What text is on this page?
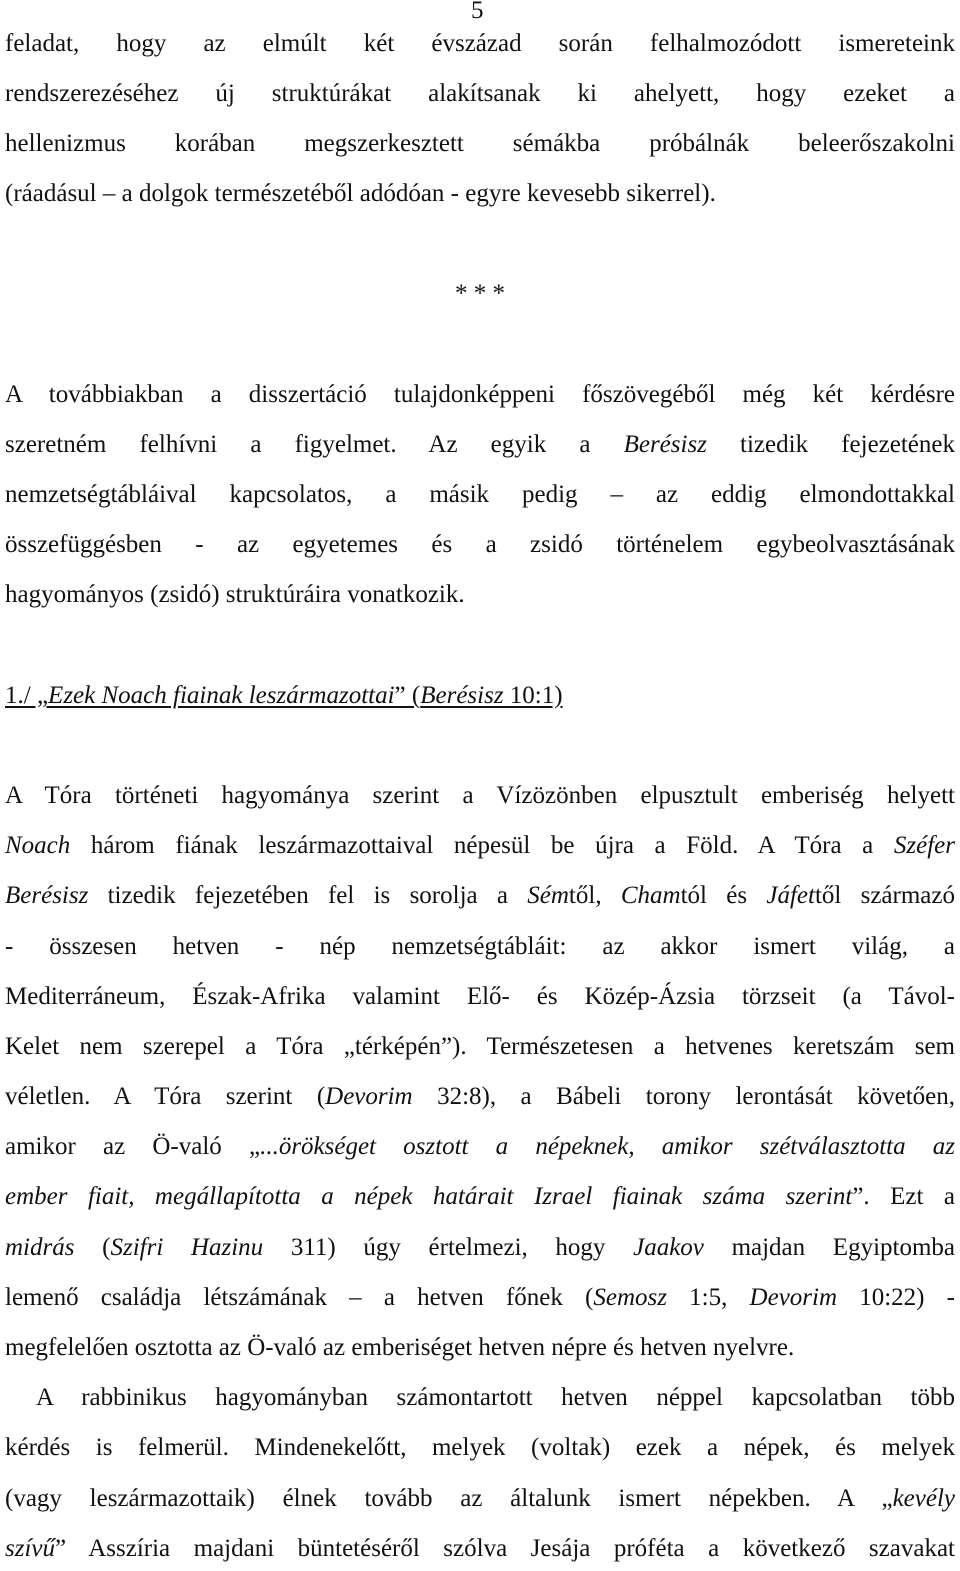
5
feladat, hogy az elmúlt két évszázad során felhalmozódott ismereteink
rendszerezéséhez új struktúrákat alakítsanak ki ahelyett, hogy ezeket a
hellenizmus korában megszerkesztett sémákba próbálnák beleerőszakolni
(ráadásul – a dolgok természetéből adódóan - egyre kevesebb sikerrel).
* * *
A továbbiakban a disszertáció tulajdonképpeni főszövegéből még két kérdésre
szeretném felhívni a figyelmet. Az egyik a Berésisz tizedik fejezetének
nemzetségtábláival kapcsolatos, a másik pedig – az eddig elmondottakkal
összefüggésben - az egyetemes és a zsidó történelem egybeolvasztásának
hagyományos (zsidó) struktúráira vonatkozik.
1./ „Ezek Noach fiainak leszármazottai” (Berésisz 10:1)
A Tóra történeti hagyománya szerint a Vízözönben elpusztult emberiség helyett
Noach három fiának leszármazottaival népesül be újra a Föld. A Tóra a Széfer
Berésisz tizedik fejezetében fel is sorolja a Sémtől, Chamtól és Jáfettől származó
- összesen hetven - nép nemzetségtábláit: az akkor ismert világ, a
Mediterráneum, Észak-Afrika valamint Elő- és Közép-Ázsia törzseit (a Távol-
Kelet nem szerepel a Tóra „térképén”). Természetesen a hetvenes keretszám sem
véletlen. A Tóra szerint (Devorim 32:8), a Bábeli torony lerontását követően,
amikor az Ö-való „...örökséget osztott a népeknek, amikor szétválasztotta az
ember fiait, megállapította a népek határait Izrael fiainak száma szerint”. Ezt a
midrás (Szifri Hazinu 311) úgy értelmezi, hogy Jaakov majdan Egyiptomba
lemenő családja létszámának – a hetven főnek (Semosz 1:5, Devorim 10:22) -
megfelelően osztotta az Ö-való az emberiséget hetven népre és hetven nyelvre.
A rabbinikus hagyományban számontartott hetven néppel kapcsolatban több
kérdés is felmerül. Mindenekelőtt, melyek (voltak) ezek a népek, és melyek
(vagy leszármazottaik) élnek tovább az általunk ismert népekben. A „kevély
szívű” Asszíria majdani büntetéséről szólva Jesája próféta a következő szavakat
